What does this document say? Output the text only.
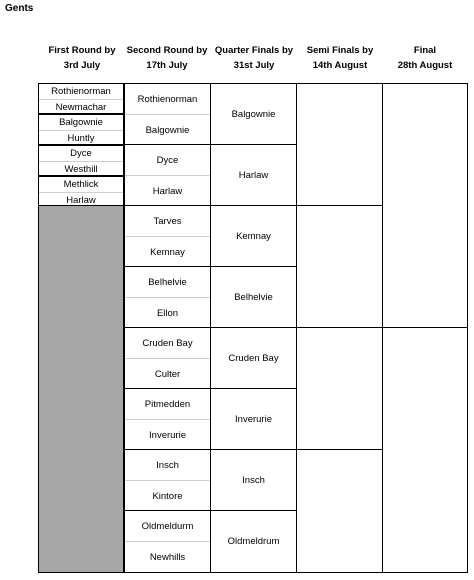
Gents
First Round by
3rd July
Second Round by
17th July
Quarter Finals by
31st July
Semi Finals by
14th August
Final
28th August
Rothienorman
Newmachar
Balgownie
Huntly
Dyce
Westhill
Methlick
Harlaw
Rothienorman
Balgownie
Dyce
Harlaw
Tarves
Kemnay
Belhelvie
Ellon
Cruden Bay
Culter
Pitmedden
Inverurie
Insch
Kintore
Oldmeldurm
Newhills
Balgownie
Harlaw
Kemnay
Belhelvie
Cruden Bay
Inverurie
Insch
Oldmeldrum
